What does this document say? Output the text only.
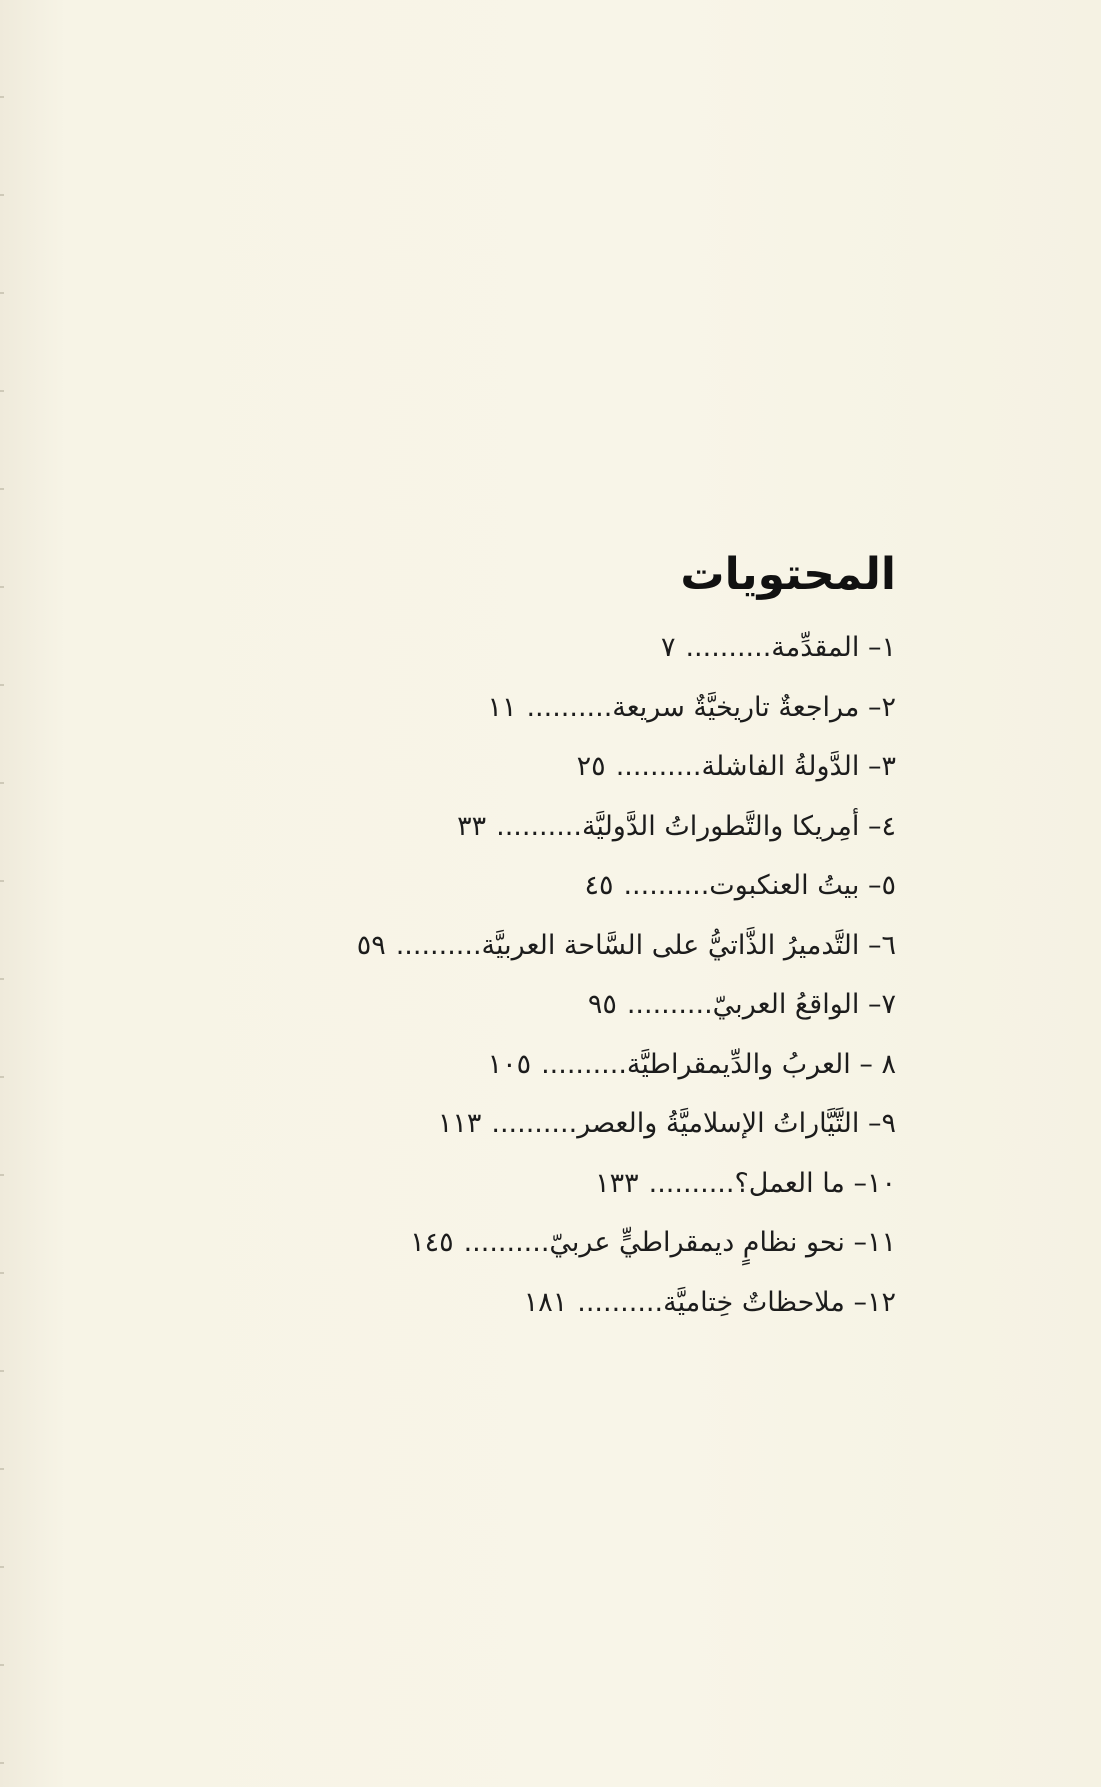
المحتويات
١– المقدِّمة..........٧
٢– مراجعةٌ تاريخيَّةٌ سريعة..........١١
٣– الدَّولةُ الفاشلة..........٢٥
٤– أمِريكا والتَّطوراتُ الدَّوليَّة..........٣٣
٥– بيتُ العنكبوت..........٤٥
٦– التَّدميرُ الذَّاتيُّ على السَّاحة العربيَّة..........٥٩
٧– الواقعُ العربيّ..........٩٥
٨ – العربُ والدِّيمقراطيَّة..........١٠٥
٩– التَّيَّاراتُ الإسلاميَّةُ والعصر..........١١٣
١٠– ما العمل؟..........١٣٣
١١– نحو نظامٍ ديمقراطيٍّ عربيّ..........١٤٥
١٢– ملاحظاتٌ خِتاميَّة..........١٨١
